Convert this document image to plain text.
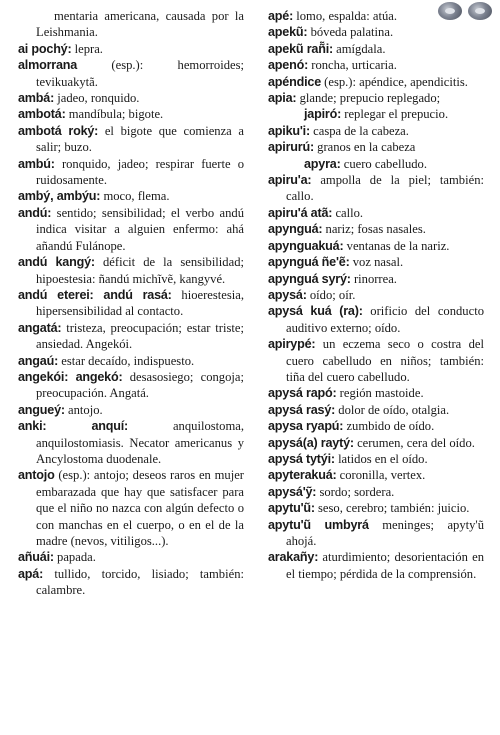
mentaria americana, causada por la Leishmania.
ai pochý: lepra.
almorrana	(esp.): hemorroides; tevikuakytã.
ambá: jadeo, ronquido.
ambotá: mandíbula; bigote.
ambotá roký: el bigote que comienza a salir; buzo.
ambú: ronquido, jadeo; respirar fuerte o ruidosamente.
ambý, ambýu: moco, flema.
andú: sentido; sensibilidad; el verbo andú indica visitar a alguien enfermo: ahá añandú Fulánope.
andú kangý: déficit de la sensibilidad; hipoestesia: ñandú michĩvẽ, kangyvé.
andú eterei: andú rasá: hioerestesia, hipersensibilidad al contacto.
angatá: tristeza, preocupación; estar triste; ansiedad. Angekói.
angaú: estar decaído, indispuesto.
angekói: angekó: desasosiego; congoja; preocupación. Angatá.
angueý: antojo.
anki: anquí:	anquilostoma, anquilostomiasis. Necator americanus y Ancylostoma duodenale.
antojo (esp.): antojo; deseos raros en mujer embarazada que hay que satisfacer para que el niño no nazca con algún defecto o con manchas en el cuerpo, o en el de la madre (nevos, vitiligos...).
añuái: papada.
apá: tullido, torcido, lisiado; también: calambre.
apé: lomo, espalda: atúa.
apekũ: bóveda palatina.
apekũ rañ̃i: amígdala.
apenó: roncha, urticaria.
apéndice (esp.): apéndice, apendicitis.
apia: glande; prepucio replegado;
japiró: replegar el prepucio.
apiku'i: caspa de la cabeza.
apirurú: granos en la cabeza
apyra: cuero cabelludo.
apiru'a: ampolla de la piel; también: callo.
apiru'á atã: callo.
apynguá: nariz; fosas nasales.
apynguakuá: ventanas de la nariz.
apynguá ñe'ẽ: voz nasal.
apynguá syrý: rinorrea.
apysá: oído; oír.
apysá kuá (ra): orificio del conducto auditivo externo; oído.
apirypé: un eczema seco o costra del cuero cabelludo en niños; también: tiña del cuero cabelludo.
apysá rapó: región mastoide.
apysá rasý: dolor de oído, otalgia.
apysa ryapú: zumbido de oído.
apysá(a) raytý: cerumen, cera del oído.
apysá tytýi: latidos en el oído.
apyterakuá: coronilla, vertex.
apysá'ỹ: sordo; sordera.
apytu'ũ: seso, cerebro; también: juicio.
apytu'ũ umbyrá meninges; apyty'ũ ahojá.
arakañy: aturdimiento; desorientación en el tiempo; pérdida de la comprensión.
